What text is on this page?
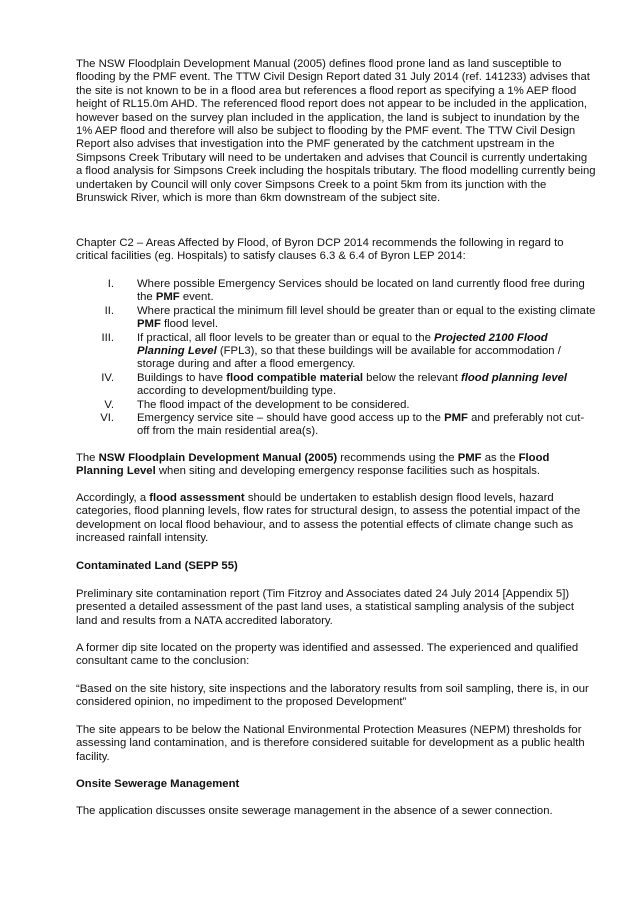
The NSW Floodplain Development Manual (2005) defines flood prone land as land susceptible to flooding by the PMF event. The TTW Civil Design Report dated 31 July 2014 (ref. 141233) advises that the site is not known to be in a flood area but references a flood report as specifying a 1% AEP flood height of RL15.0m AHD. The referenced flood report does not appear to be included in the application, however based on the survey plan included in the application, the land is subject to inundation by the 1% AEP flood and therefore will also be subject to flooding by the PMF event. The TTW Civil Design Report also advises that investigation into the PMF generated by the catchment upstream in the Simpsons Creek Tributary will need to be undertaken and advises that Council is currently undertaking a flood analysis for Simpsons Creek including the hospitals tributary. The flood modelling currently being undertaken by Council will only cover Simpsons Creek to a point 5km from its junction with the Brunswick River, which is more than 6km downstream of the subject site.

Chapter C2 – Areas Affected by Flood, of Byron DCP 2014 recommends the following in regard to critical facilities (eg. Hospitals) to satisfy clauses 6.3 & 6.4 of Byron LEP 2014:

I. Where possible Emergency Services should be located on land currently flood free during the PMF event.
II. Where practical the minimum fill level should be greater than or equal to the existing climate PMF flood level.
III. If practical, all floor levels to be greater than or equal to the Projected 2100 Flood Planning Level (FPL3), so that these buildings will be available for accommodation / storage during and after a flood emergency.
IV. Buildings to have flood compatible material below the relevant flood planning level according to development/building type.
V. The flood impact of the development to be considered.
VI. Emergency service site – should have good access up to the PMF and preferably not cut-off from the main residential area(s).

The NSW Floodplain Development Manual (2005) recommends using the PMF as the Flood Planning Level when siting and developing emergency response facilities such as hospitals.

Accordingly, a flood assessment should be undertaken to establish design flood levels, hazard categories, flood planning levels, flow rates for structural design, to assess the potential impact of the development on local flood behaviour, and to assess the potential effects of climate change such as increased rainfall intensity.

Contaminated Land (SEPP 55)

Preliminary site contamination report (Tim Fitzroy and Associates dated 24 July 2014 [Appendix 5]) presented a detailed assessment of the past land uses, a statistical sampling analysis of the subject land and results from a NATA accredited laboratory.

A former dip site located on the property was identified and assessed. The experienced and qualified consultant came to the conclusion:

“Based on the site history, site inspections and the laboratory results from soil sampling, there is, in our considered opinion, no impediment to the proposed Development”

The site appears to be below the National Environmental Protection Measures (NEPM) thresholds for assessing land contamination, and is therefore considered suitable for development as a public health facility.

Onsite Sewerage Management

The application discusses onsite sewerage management in the absence of a sewer connection.
